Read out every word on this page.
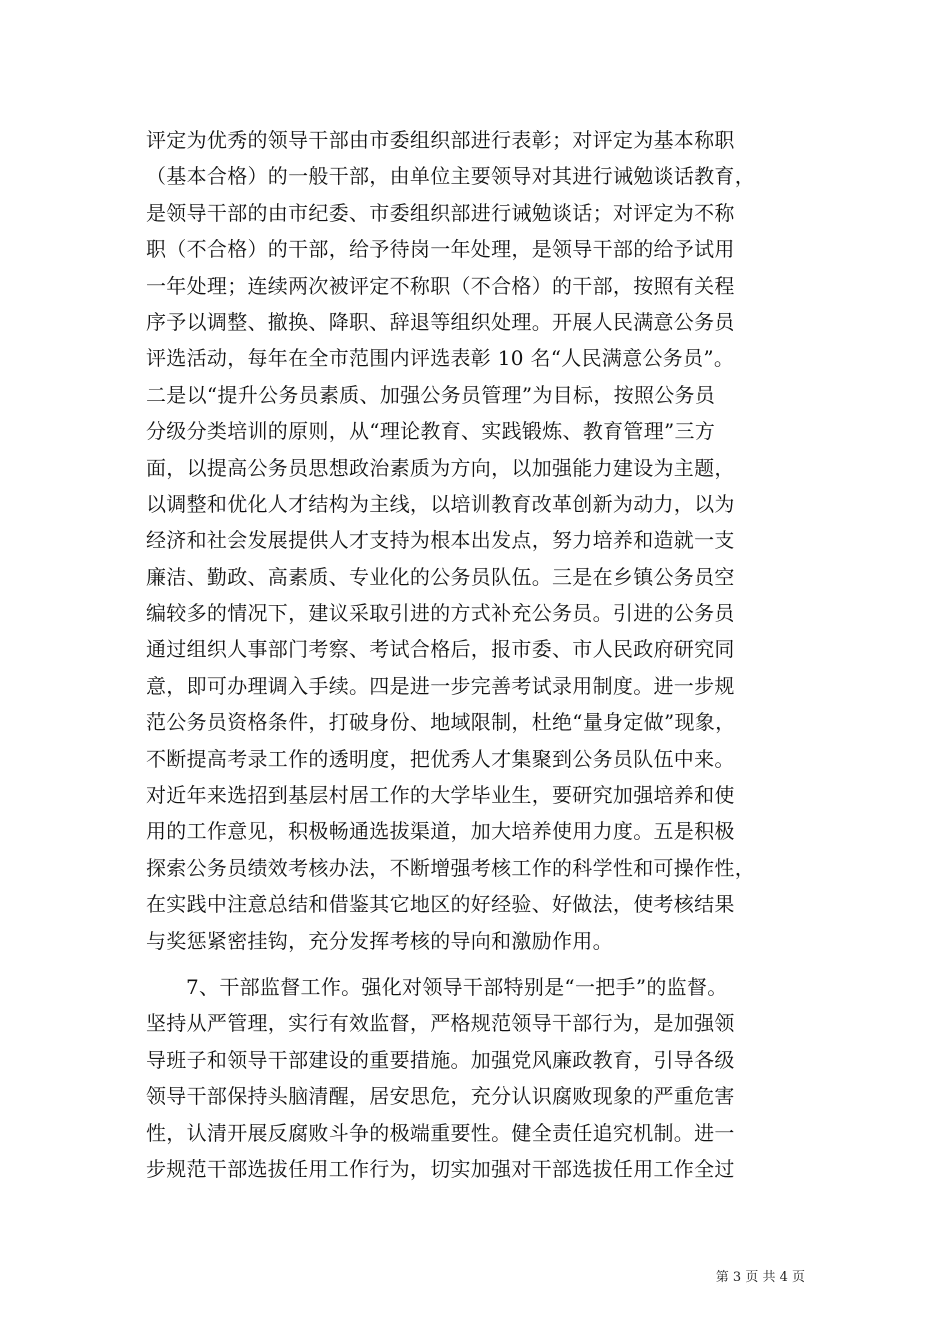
评定为优秀的领导干部由市委组织部进行表彰；对评定为基本称职
（基本合格）的一般干部，由单位主要领导对其进行诫勉谈话教育，
是领导干部的由市纪委、市委组织部进行诫勉谈话；对评定为不称
职（不合格）的干部，给予待岗一年处理，是领导干部的给予试用
一年处理；连续两次被评定不称职（不合格）的干部，按照有关程
序予以调整、撤换、降职、辞退等组织处理。开展人民满意公务员
评选活动，每年在全市范围内评选表彰 10 名“人民满意公务员”。
二是以“提升公务员素质、加强公务员管理”为目标，按照公务员
分级分类培训的原则，从“理论教育、实践锻炼、教育管理”三方
面，以提高公务员思想政治素质为方向，以加强能力建设为主题，
以调整和优化人才结构为主线，以培训教育改革创新为动力，以为
经济和社会发展提供人才支持为根本出发点，努力培养和造就一支
廉洁、勤政、高素质、专业化的公务员队伍。三是在乡镇公务员空
编较多的情况下，建议采取引进的方式补充公务员。引进的公务员
通过组织人事部门考察、考试合格后，报市委、市人民政府研究同
意，即可办理调入手续。四是进一步完善考试录用制度。进一步规
范公务员资格条件，打破身份、地域限制，杜绝“量身定做”现象，
不断提高考录工作的透明度，把优秀人才集聚到公务员队伍中来。
对近年来选招到基层村居工作的大学毕业生，要研究加强培养和使
用的工作意见，积极畅通选拔渠道，加大培养使用力度。五是积极
探索公务员绩效考核办法，不断增强考核工作的科学性和可操作性，
在实践中注意总结和借鉴其它地区的好经验、好做法，使考核结果
与奖惩紧密挂钩，充分发挥考核的导向和激励作用。
7、干部监督工作。强化对领导干部特别是“一把手”的监督。
坚持从严管理，实行有效监督，严格规范领导干部行为，是加强领
导班子和领导干部建设的重要措施。加强党风廉政教育，引导各级
领导干部保持头脑清醒，居安思危，充分认识腐败现象的严重危害
性，认清开展反腐败斗争的极端重要性。健全责任追究机制。进一
步规范干部选拔任用工作行为，切实加强对干部选拔任用工作全过
第 3 页 共 4 页
